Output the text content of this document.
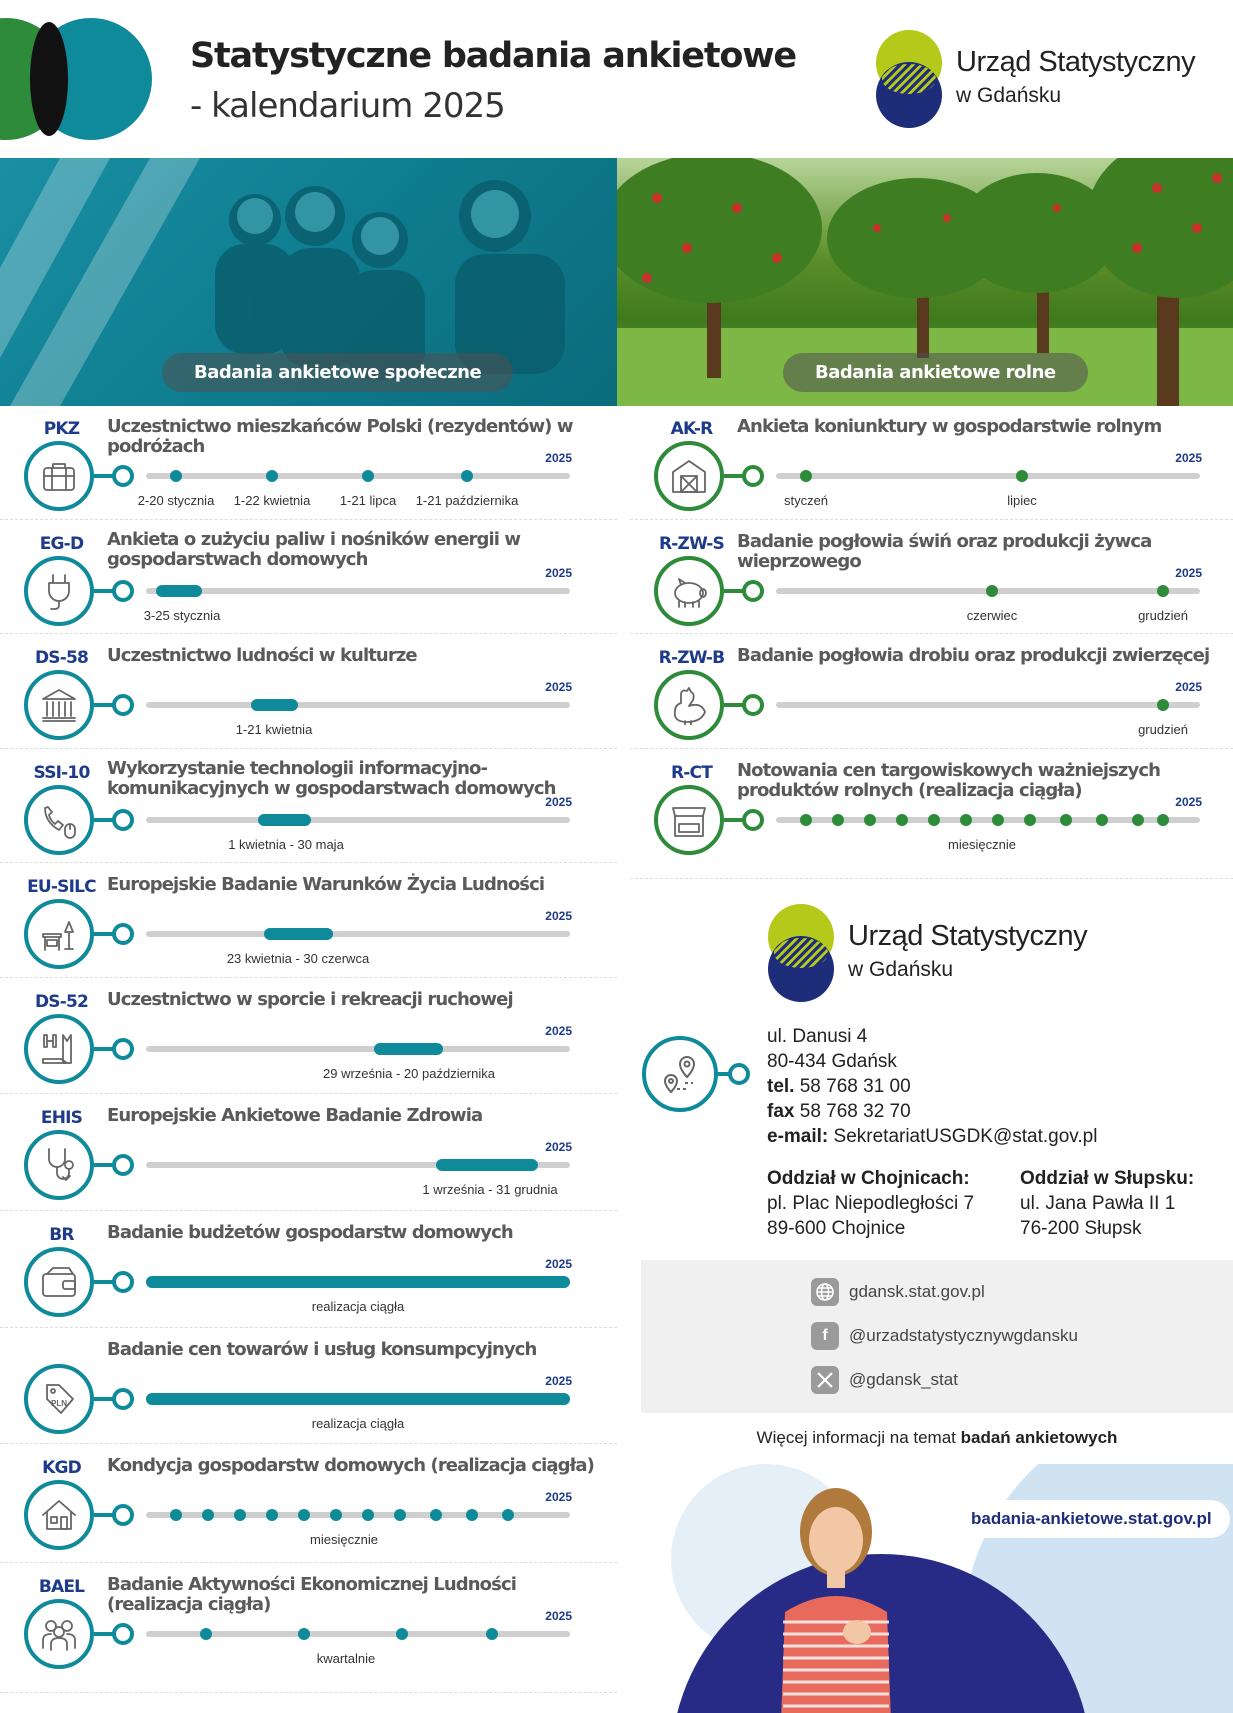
Statystyczne badania ankietowe
- kalendarium 2025
Urząd Statystyczny
w Gdańsku
Badania ankietowe społeczne	Badania ankietowe rolne
PKZ	Uczestnictwo mieszkańców Polski (rezydentów) w podróżach
2025
2-20 stycznia 1-22 kwietnia 1-21 lipca 1-21 października
EG-D	Ankieta o zużyciu paliw i nośników energii w gospodarstwach domowych
2025
3-25 stycznia
DS-58	Uczestnictwo ludności w kulturze
2025
1-21 kwietnia
SSI-10 Wykorzystanie technologii informacyjno-komunikacyjnych w gospodarstwach domowych
2025
1 kwietnia - 30 maja
EU-SILC Europejskie Badanie Warunków Życia Ludności
2025
23 kwietnia - 30 czerwca
DS-52	Uczestnictwo w sporcie i rekreacji ruchowej
2025
29 września - 20 października
EHIS	Europejskie Ankietowe Badanie Zdrowia
2025
1 września - 31 grudnia
BR	Badanie budżetów gospodarstw domowych
2025
realizacja ciągła
Badanie cen towarów i usług konsumpcyjnych
PLN
2025
realizacja ciągła
KGD	Kondycja gospodarstw domowych (realizacja ciągła)
2025
miesięcznie
BAEL	Badanie Aktywności Ekonomicznej Ludności (realizacja ciągła)
2025
kwartalnie
AK-R	Ankieta koniunktury w gospodarstwie rolnym
2025
styczeń	lipiec
R-ZW-S Badanie pogłowia świń oraz produkcji żywca wieprzowego
2025
czerwiec	grudzień
R-ZW-B Badanie pogłowia drobiu oraz produkcji zwierzęcej
2025
grudzień
R-CT	Notowania cen targowiskowych ważniejszych produktów rolnych (realizacja ciągła)
2025
miesięcznie
Urząd Statystyczny
w Gdańsku
ul. Danusi 4
80-434 Gdańsk
tel. 58 768 31 00
fax 58 768 32 70
e-mail: SekretariatUSGDK@stat.gov.pl
Oddział w Chojnicach:
pl. Plac Niepodległości 7
89-600 Chojnice
Oddział w Słupsku:
ul. Jana Pawła II 1
76-200 Słupsk
gdansk.stat.gov.pl
f	@urzadstatystycznywgdansku
@gdansk_stat
Więcej informacji na temat badań ankietowych
badania-ankietowe.stat.gov.pl
